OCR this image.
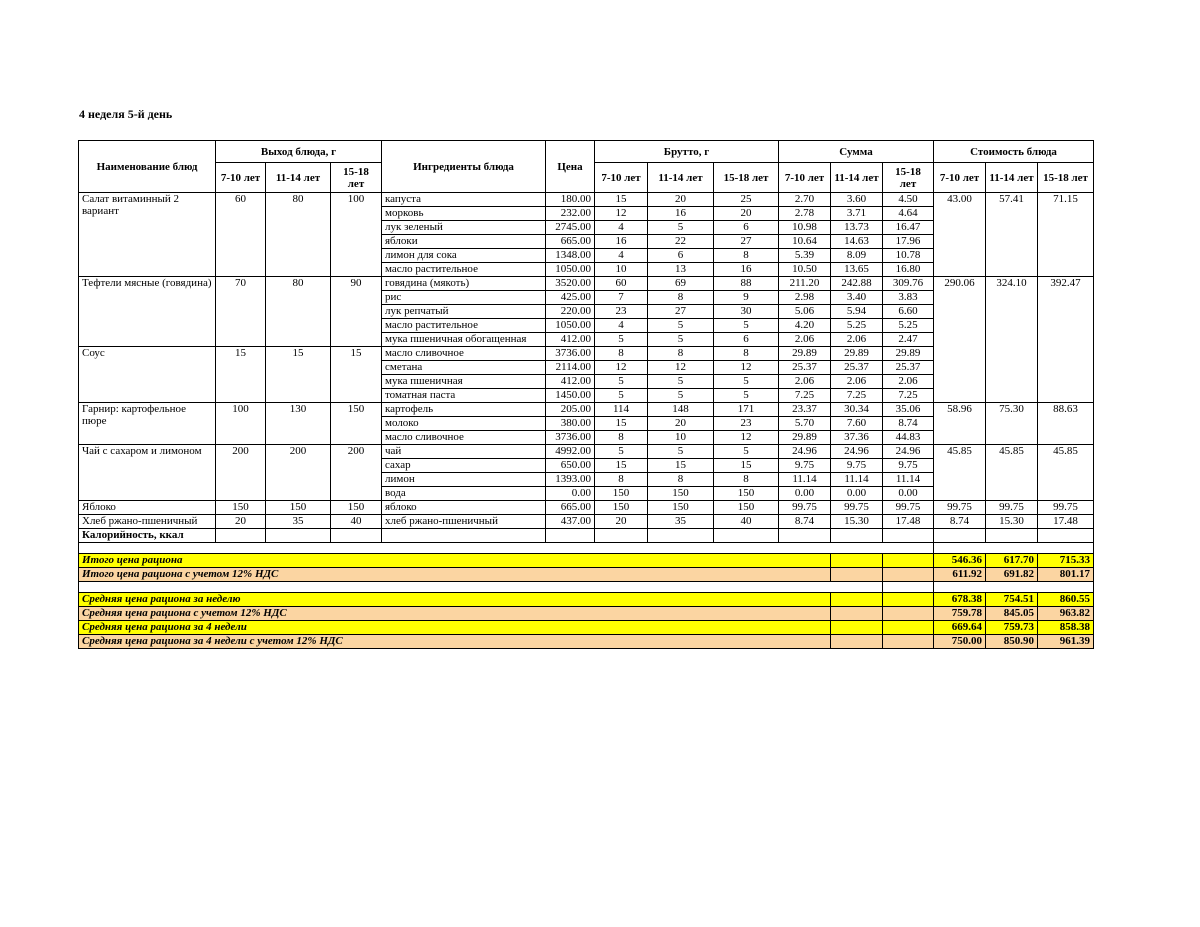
4 неделя 5-й день
Наименование блюд	Выход блюда, г			Ингредиенты блюда	Цена	Брутто, г			Сумма			Стоимость блюда		
	7-10 лет	11-14 лет	15-18 лет			7-10 лет	11-14 лет	15-18 лет	7-10 лет	11-14 лет	15-18 лет	7-10 лет	11-14 лет	15-18 лет
Салат витаминный 2 вариант	60	80	100	капуста	180.00	15	20	25	2.70	3.60	4.50	43.00	57.41	71.15
				морковь	232.00	12	16	20	2.78	3.71	4.64			
				лук зеленый	2745.00	4	5	6	10.98	13.73	16.47			
				яблоки	665.00	16	22	27	10.64	14.63	17.96			
				лимон для сока	1348.00	4	6	8	5.39	8.09	10.78			
				масло растительное	1050.00	10	13	16	10.50	13.65	16.80			
Тефтели мясные (говядина)	70	80	90	говядина (мякоть)	3520.00	60	69	88	211.20	242.88	309.76	290.06	324.10	392.47
				рис	425.00	7	8	9	2.98	3.40	3.83			
				лук репчатый	220.00	23	27	30	5.06	5.94	6.60			
				масло растительное	1050.00	4	5	5	4.20	5.25	5.25			
				мука пшеничная обогащенная	412.00	5	5	6	2.06	2.06	2.47			
Соус	15	15	15	масло сливочное	3736.00	8	8	8	29.89	29.89	29.89			
				сметана	2114.00	12	12	12	25.37	25.37	25.37			
				мука пшеничная	412.00	5	5	5	2.06	2.06	2.06			
				томатная паста	1450.00	5	5	5	7.25	7.25	7.25			
Гарнир: картофельное пюре	100	130	150	картофель	205.00	114	148	171	23.37	30.34	35.06	58.96	75.30	88.63
				молоко	380.00	15	20	23	5.70	7.60	8.74			
				масло сливочное	3736.00	8	10	12	29.89	37.36	44.83			
Чай с сахаром и лимоном	200	200	200	чай	4992.00	5	5	5	24.96	24.96	24.96	45.85	45.85	45.85
				сахар	650.00	15	15	15	9.75	9.75	9.75			
				лимон	1393.00	8	8	8	11.14	11.14	11.14			
				вода	0.00	150	150	150	0.00	0.00	0.00			
Яблоко	150	150	150	яблоко	665.00	150	150	150	99.75	99.75	99.75	99.75	99.75	99.75
Хлеб ржано-пшеничный	20	35	40	хлеб ржано-пшеничный	437.00	20	35	40	8.74	15.30	17.48	8.74	15.30	17.48
Калорийность, ккал														

Итого цена рациона												546.36	617.70	715.33
Итого цена рациона с учетом 12% НДС												611.92	691.82	801.17

Средняя цена рациона за неделю												678.38	754.51	860.55
Средняя цена рациона с учетом 12% НДС												759.78	845.05	963.82
Средняя цена рациона за 4 недели												669.64	759.73	858.38
Средняя цена рациона за 4 недели с учетом 12% НДС												750.00	850.90	961.39
